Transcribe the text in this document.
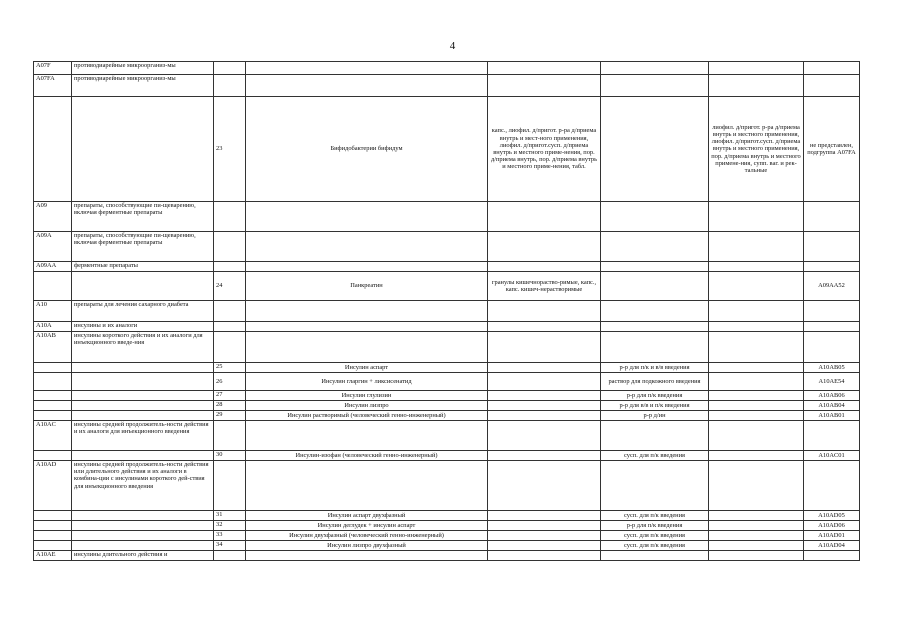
4
A07F	противодиарейные микроорганиз-мы						
A07FA	противодиарейные микроорганиз-мы						
		23	Бифидобактерии бифидум	капс., лиофил. д/пригот. р-ра д/приема внутрь и мест-ного применения, лиофил. д/пригот.сусп. д/приема внутрь и местного приме-нения, пор. д/приема внутрь, пор. д/приема внутрь и местного приме-нения, табл.		лиофил. д/пригот. р-ра д/приема внутрь и местного применения, лиофил. д/пригот.сусп. д/приема внутрь и местного применения, пор. д/приема внутрь и местного примене-ния, супп. ваг. и рек-тальные	не представлен, подгруппа A07FA
A09	препараты, способствующие пи-щеварению, включая ферментные препараты						
A09A	препараты, способствующие пи-щеварению, включая ферментные препараты						
A09AA	ферментные препараты						
		24	Панкреатин	гранулы кишечнораство-римые, капс., капс. кишеч-нерастворимые			A09AA52
A10	препараты для лечения сахарного диабета						
A10A	инсулины и их аналоги						
A10AB	инсулины короткого действия и их аналоги для инъекционного введе-ния						
		25	Инсулин аспарт		р-р для п/к и в/в введения		A10AB05
		26	Инсулин гларгин + ликсисенатид		раствор для подкожного введения		A10AE54
		27	Инсулин глулизин		р-р для п/к введения		A10AB06
		28	Инсулин лизпро		р-р для в/в и п/к введения		A10AB04
		29	Инсулин растворимый (человеческий генно-инженерный)		р-р д/ин		A10AB01
A10AC	инсулины средней продолжитель-ности действия и их аналоги для инъекционного введения						
		30	Инсулин-изофан (человеческий генно-инженерный)		сусп. для п/к введения		A10AC01
A10AD	инсулины средней продолжитель-ности действия или длительного действия и их аналоги в комбина-ции с инсулинами короткого дей-ствия для инъекционного введения						
		31	Инсулин аспарт двухфазный		сусп. для п/к введения		A10AD05
		32	Инсулин деглудек + инсулин аспарт		р-р для п/к введения		A10AD06
		33	Инсулин двухфазный (человеческий генно-инженерный)		сусп. для п/к введения		A10AD01
		34	Инсулин лизпро двухфазный		сусп. для п/к введения		A10AD04
A10AE	инсулины длительного действия и						
